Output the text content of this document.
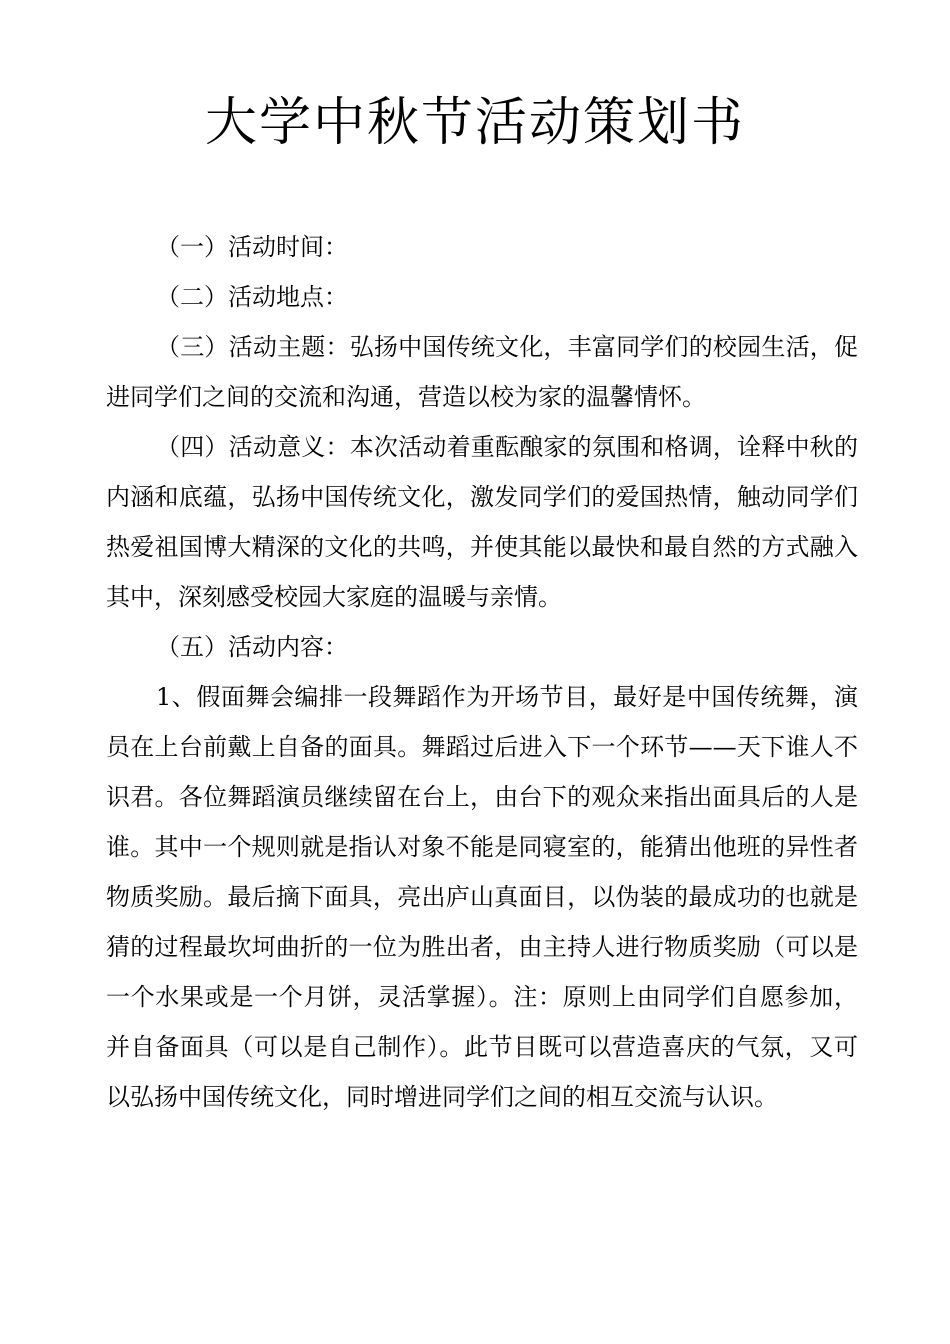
大学中秋节活动策划书

（一）活动时间：

（二）活动地点：

（三）活动主题：弘扬中国传统文化，丰富同学们的校园生活，促进同学们之间的交流和沟通，营造以校为家的温馨情怀。

（四）活动意义：本次活动着重酝酿家的氛围和格调，诠释中秋的内涵和底蕴，弘扬中国传统文化，激发同学们的爱国热情，触动同学们热爱祖国博大精深的文化的共鸣，并使其能以最快和最自然的方式融入其中，深刻感受校园大家庭的温暖与亲情。

（五）活动内容：

1、假面舞会编排一段舞蹈作为开场节目，最好是中国传统舞，演员在上台前戴上自备的面具。舞蹈过后进入下一个环节——天下谁人不识君。各位舞蹈演员继续留在台上，由台下的观众来指出面具后的人是谁。其中一个规则就是指认对象不能是同寝室的，能猜出他班的异性者物质奖励。最后摘下面具，亮出庐山真面目，以伪装的最成功的也就是猜的过程最坎坷曲折的一位为胜出者，由主持人进行物质奖励（可以是一个水果或是一个月饼，灵活掌握）。注：原则上由同学们自愿参加，并自备面具（可以是自己制作）。此节目既可以营造喜庆的气氛，又可以弘扬中国传统文化，同时增进同学们之间的相互交流与认识。
